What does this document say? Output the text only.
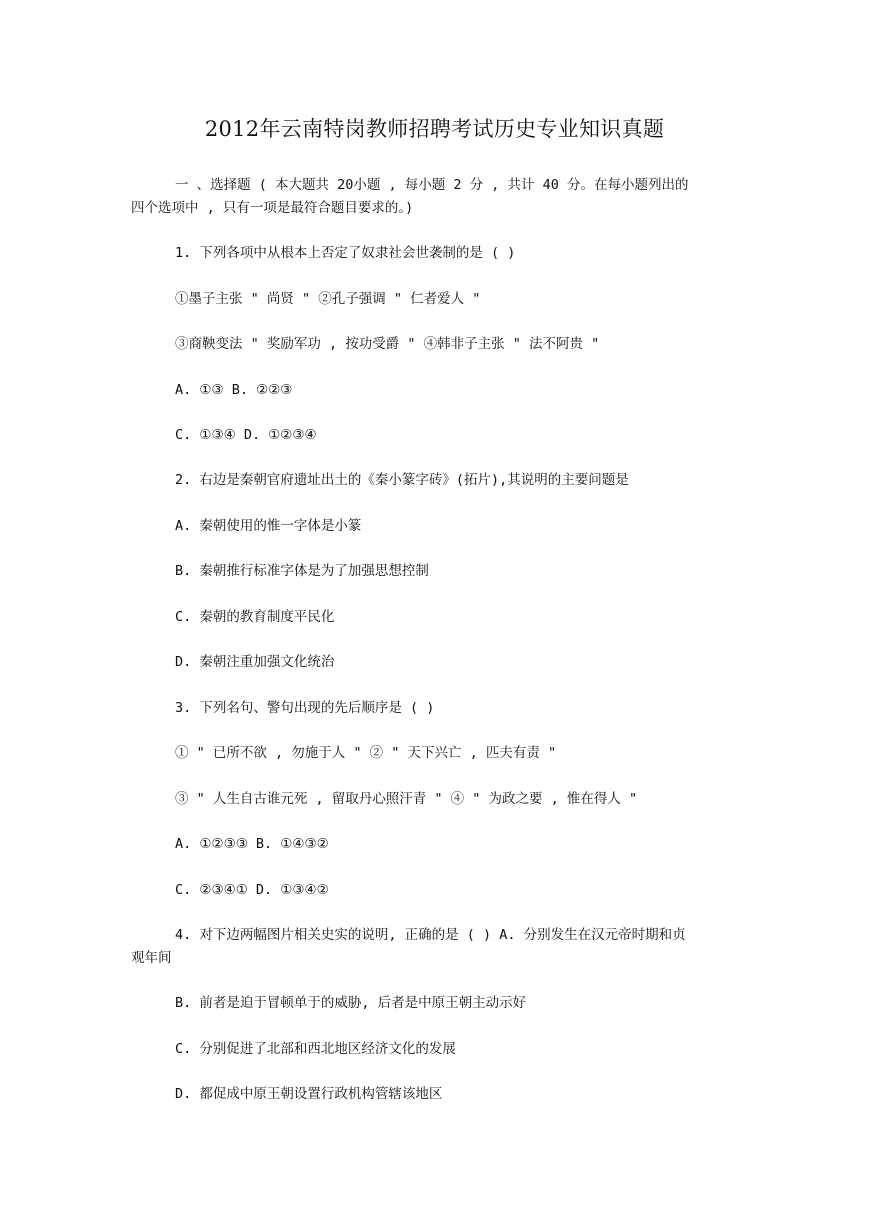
2012年云南特岗教师招聘考试历史专业知识真题
一 、选择题 ( 本大题共 20小题 , 每小题 2 分 , 共计 40 分。在每小题列出的
四个选项中 , 只有一项是最符合题目要求的。)
1. 下列各项中从根本上否定了奴隶社会世袭制的是 ( )
①墨子主张 " 尚贤 " ②孔子强调 " 仁者爱人 "
③商鞅变法 " 奖励军功 , 按功受爵 " ④韩非子主张 " 法不阿贵 "
A. ①③ B. ②②③
C. ①③④ D. ①②③④
2. 右边是秦朝官府遗址出土的《秦小篆字砖》(拓片),其说明的主要问题是
A. 秦朝使用的惟一字体是小篆
B. 秦朝推行标准字体是为了加强思想控制
C. 秦朝的教育制度平民化
D. 秦朝注重加强文化统治
3. 下列名句、警句出现的先后顺序是 ( )
① " 已所不欲 , 勿施于人 " ② " 天下兴亡 , 匹夫有责 "
③ " 人生自古谁元死 , 留取丹心照汗青 " ④ " 为政之要 , 惟在得人 "
A. ①②③③ B. ①④③②
C. ②③④① D. ①③④②
4. 对下边两幅图片相关史实的说明, 正确的是 ( ) A. 分别发生在汉元帝时期和贞
观年间
B. 前者是迫于冒顿单于的威胁, 后者是中原王朝主动示好
C. 分别促进了北部和西北地区经济文化的发展
D. 都促成中原王朝设置行政机构管辖该地区
